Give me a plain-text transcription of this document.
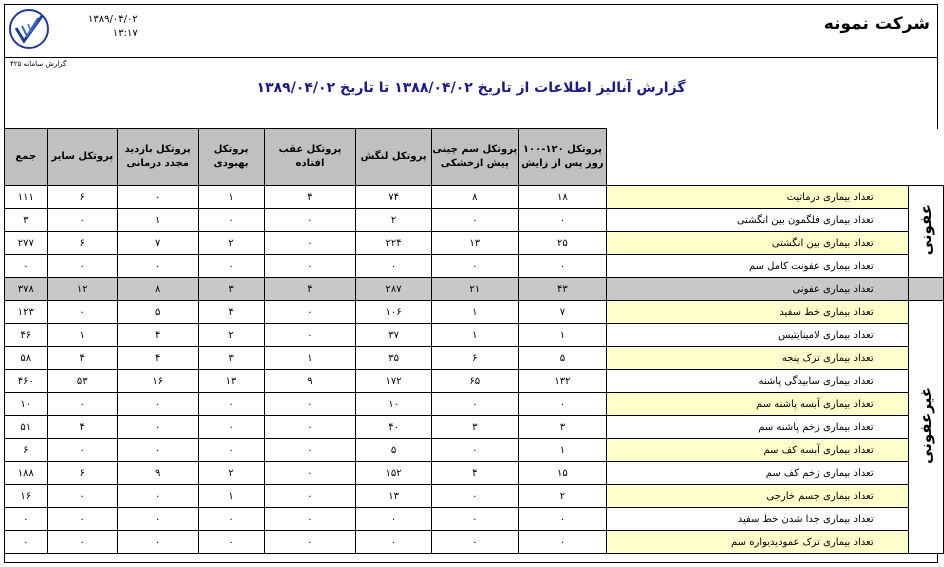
۱۳۸۹/۰۴/۰۲
۱۳:۱۷
گزارش سامانه ۴۲۵
شرکت نمونه
گزارش آنالیز اطلاعات از تاریخ ۱۳۸۸/۰۴/۰۲ تا تاریخ ۱۳۸۹/۰۴/۰۲
جمع	پروتکل سایر	پروتکل بازدید مجدد درمانی	پروتکل بهبودی	پروتکل عقب افتاده	پروتکل لنگش	پروتکل سم چینی پیش ازخشکی	پروتکل ۱۲۰-۱۰۰ روز پس از زایش		
۱۱۱	۶	۰	۱	۴	۷۴	۸	۱۸	تعداد بیماری درماتیت	عفونی
۳	۰	۱	۰	۰	۲	۰	۰	تعداد بیماری فلگمون بین انگشتی	
۲۷۷	۶	۷	۲	۰	۲۲۴	۱۳	۲۵	تعداد بیماری بین انگشتی	
۰	۰	۰	۰	۰	۰	۰	۰	تعداد بیماری عفونت کامل سم	
۳۷۸	۱۲	۸	۳	۴	۲۸۷	۲۱	۴۳	تعداد بیماری عفونی	
۱۲۳	۰	۵	۴	۰	۱۰۶	۱	۷	تعداد بیماری خط سفید	غیرعفونی
۴۶	۱	۴	۲	۰	۳۷	۱	۱	تعداد بیماری لامینایتیس	
۵۸	۴	۴	۳	۱	۳۵	۶	۵	تعداد بیماری ترک پنجه	
۴۶۰	۵۳	۱۶	۱۳	۹	۱۷۲	۶۵	۱۳۲	تعداد بیماری سابیدگی پاشنه	
۱۰	۰	۰	۰	۰	۱۰	۰	۰	تعداد بیماری آبسه پاشنه سم	
۵۱	۴	۰	۰	۰	۴۰	۳	۳	تعداد بیماری زخم پاشنه سم	
۶	۰	۰	۰	۰	۵	۰	۱	تعداد بیماری آبسه کف سم	
۱۸۸	۶	۹	۲	۰	۱۵۲	۴	۱۵	تعداد بیماری زخم کف سم	
۱۶	۰	۰	۱	۰	۱۳	۰	۲	تعداد بیماری جسم خارجی	
۰	۰	۰	۰	۰	۰	۰	۰	تعداد بیماری جدا شدن خط سفید	
۰	۰	۰	۰	۰	۰	۰	۰	تعداد بیماری ترک عمودیدیواره سم	
